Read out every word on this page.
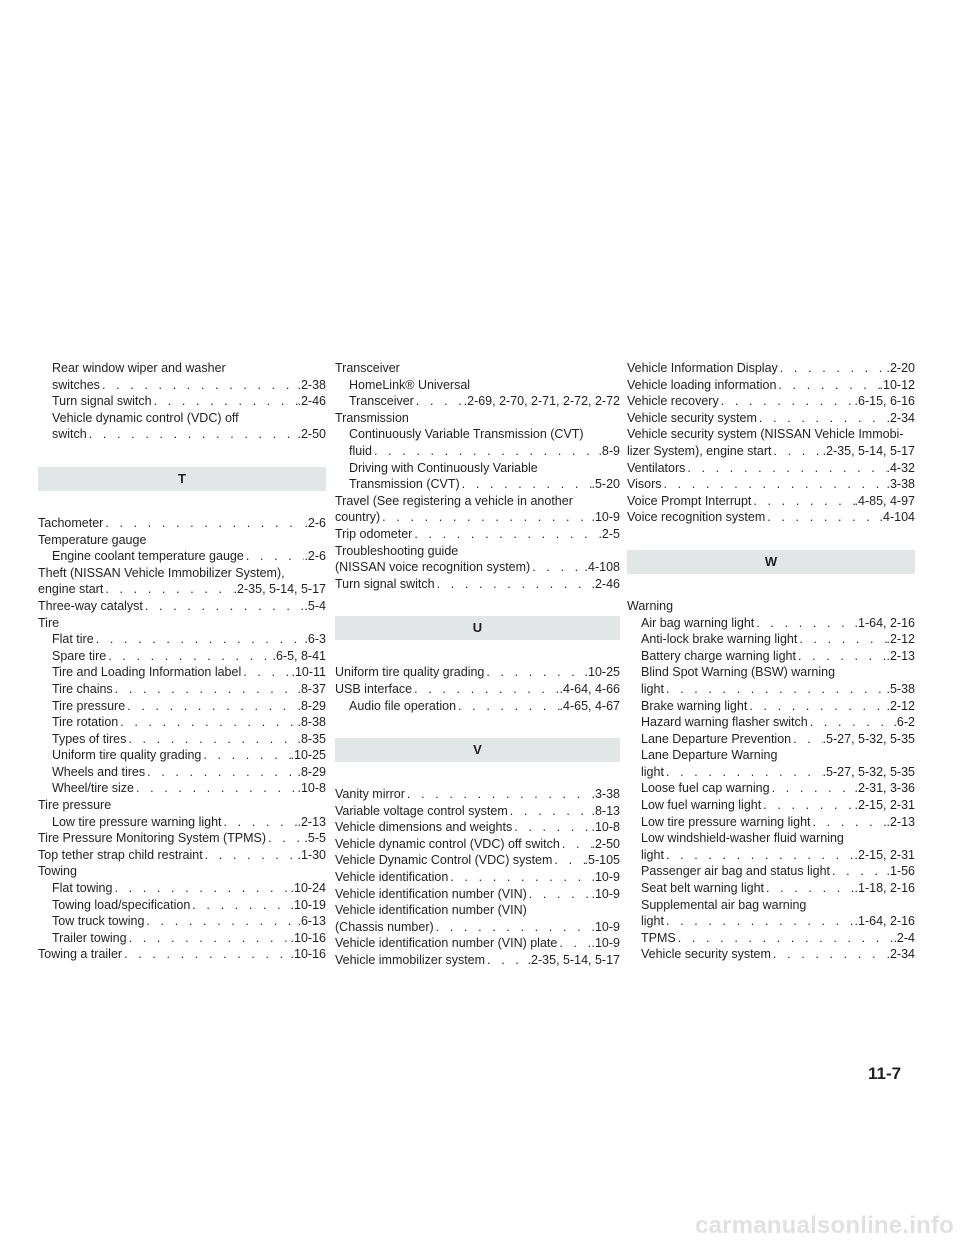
Rear window wiper and washer
switches . . .	.2-38
Turn signal switch . . .	.2-46
Vehicle dynamic control (VDC) off
switch . . .	.2-50
T
Tachometer . . .	.2-6
Temperature gauge
Engine coolant temperature gauge . . .	.2-6
Theft (NISSAN Vehicle Immobilizer System),
engine start . . .	.2-35, 5-14, 5-17
Three-way catalyst . . .	.5-4
Tire
Flat tire . . .	.6-3
Spare tire . . .	.6-5, 8-41
Tire and Loading Information label . . .	.10-11
Tire chains . . .	.8-37
Tire pressure . . .	.8-29
Tire rotation . . .	.8-38
Types of tires . . .	.8-35
Uniform tire quality grading . . .	.10-25
Wheels and tires . . .	.8-29
Wheel/tire size . . .	.10-8
Tire pressure
Low tire pressure warning light . . .	.2-13
Tire Pressure Monitoring System (TPMS) . . .	.5-5
Top tether strap child restraint . . .	.1-30
Towing
Flat towing . . .	.10-24
Towing load/specification . . .	.10-19
Tow truck towing . . .	.6-13
Trailer towing . . .	.10-16
Towing a trailer . . .	.10-16
Transceiver
HomeLink® Universal
Transceiver . . .	.2-69, 2-70, 2-71, 2-72, 2-72
Transmission
Continuously Variable Transmission (CVT)
fluid . . .	.8-9
Driving with Continuously Variable
Transmission (CVT) . . .	.5-20
Travel (See registering a vehicle in another
country) . . .	.10-9
Trip odometer . . .	.2-5
Troubleshooting guide
(NISSAN voice recognition system) . . .	.4-108
Turn signal switch . . .	.2-46
U
Uniform tire quality grading . . .	.10-25
USB interface . . .	.4-64, 4-66
Audio file operation . . .	.4-65, 4-67
V
Vanity mirror . . .	.3-38
Variable voltage control system . . .	.8-13
Vehicle dimensions and weights . . .	.10-8
Vehicle dynamic control (VDC) off switch . . .	.2-50
Vehicle Dynamic Control (VDC) system . . .	.5-105
Vehicle identification . . .	.10-9
Vehicle identification number (VIN) . . .	.10-9
Vehicle identification number (VIN)
(Chassis number) . . .	.10-9
Vehicle identification number (VIN) plate . . .	.10-9
Vehicle immobilizer system . . .	.2-35, 5-14, 5-17
Vehicle Information Display . . .	.2-20
Vehicle loading information . . .	.10-12
Vehicle recovery . . .	.6-15, 6-16
Vehicle security system . . .	.2-34
Vehicle security system (NISSAN Vehicle Immobi-
lizer System), engine start . . .	.2-35, 5-14, 5-17
Ventilators . . .	.4-32
Visors . . .	.3-38
Voice Prompt Interrupt . . .	.4-85, 4-97
Voice recognition system . . .	.4-104
W
Warning
Air bag warning light . . .	.1-64, 2-16
Anti-lock brake warning light . . .	.2-12
Battery charge warning light . . .	.2-13
Blind Spot Warning (BSW) warning
light . . .	.5-38
Brake warning light . . .	.2-12
Hazard warning flasher switch . . .	.6-2
Lane Departure Prevention . . .	.5-27, 5-32, 5-35
Lane Departure Warning
light . . .	.5-27, 5-32, 5-35
Loose fuel cap warning . . .	.2-31, 3-36
Low fuel warning light . . .	.2-15, 2-31
Low tire pressure warning light . . .	.2-13
Low windshield-washer fluid warning
light . . .	.2-15, 2-31
Passenger air bag and status light . . .	.1-56
Seat belt warning light . . .	.1-18, 2-16
Supplemental air bag warning
light . . .	.1-64, 2-16
TPMS . . .	.2-4
Vehicle security system . . .	.2-34
11-7
carmanualsonline.info
